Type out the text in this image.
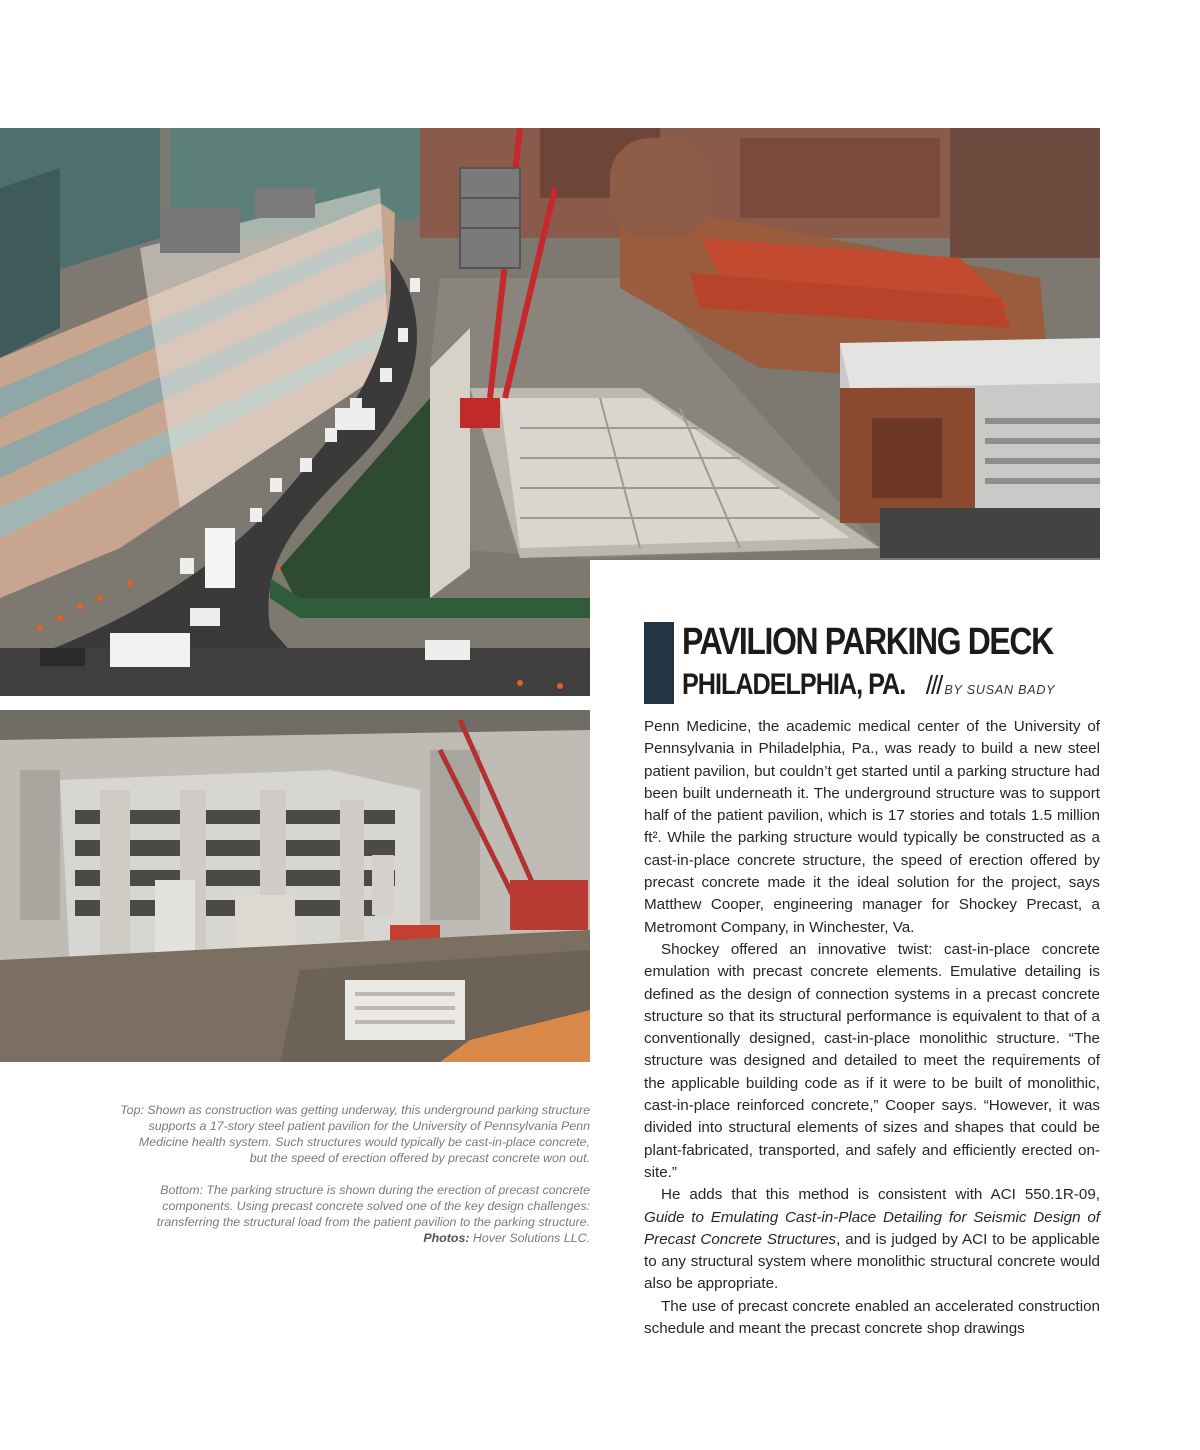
Top: Shown as construction was getting underway, this underground parking structure supports a 17-story steel patient pavilion for the University of Pennsylvania Penn Medicine health system. Such structures would typically be cast-in-place concrete, but the speed of erection offered by precast concrete won out.

Bottom: The parking structure is shown during the erection of precast concrete components. Using precast concrete solved one of the key design challenges: transferring the structural load from the patient pavilion to the parking structure. Photos: Hover Solutions LLC.

PAVILION PARKING DECK
PHILADELPHIA, PA. /// BY SUSAN BADY

Penn Medicine, the academic medical center of the University of Pennsylvania in Philadelphia, Pa., was ready to build a new steel patient pavilion, but couldn’t get started until a parking structure had been built underneath it. The underground structure was to support half of the patient pavilion, which is 17 stories and totals 1.5 million ft². While the parking structure would typically be constructed as a cast-in-place concrete structure, the speed of erection offered by precast concrete made it the ideal solution for the project, says Matthew Cooper, engineering manager for Shockey Precast, a Metromont Company, in Winchester, Va.

Shockey offered an innovative twist: cast-in-place concrete emulation with precast concrete elements. Emulative detailing is defined as the design of connection systems in a precast concrete structure so that its structural performance is equivalent to that of a conventionally designed, cast-in-place monolithic structure. “The structure was designed and detailed to meet the requirements of the applicable building code as if it were to be built of monolithic, cast-in-place reinforced concrete,” Cooper says. “However, it was divided into structural elements of sizes and shapes that could be plant-fabricated, transported, and safely and efficiently erected on-site.”

He adds that this method is consistent with ACI 550.1R-09, Guide to Emulating Cast-in-Place Detailing for Seismic Design of Precast Concrete Structures, and is judged by ACI to be applicable to any structural system where monolithic structural concrete would also be appropriate.

The use of precast concrete enabled an accelerated construction schedule and meant the precast concrete shop drawings
